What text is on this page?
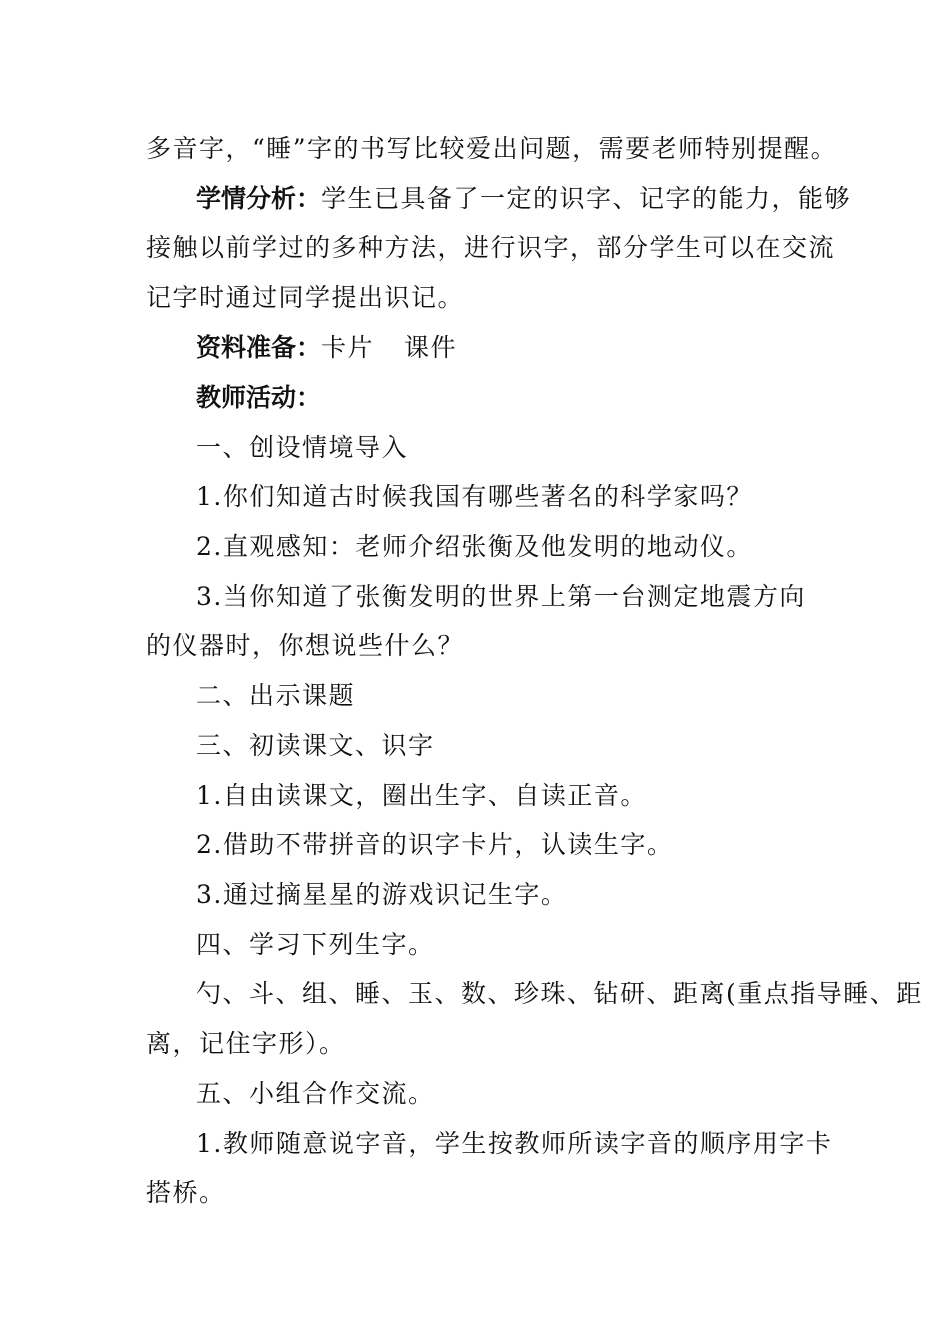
多音字，“睡”字的书写比较爱出问题，需要老师特别提醒。
学情分析：学生已具备了一定的识字、记字的能力，能够
接触以前学过的多种方法，进行识字，部分学生可以在交流
记字时通过同学提出识记。
资料准备：卡片 课件
教师活动：
一、创设情境导入
1.你们知道古时候我国有哪些著名的科学家吗？
2.直观感知：老师介绍张衡及他发明的地动仪。
3.当你知道了张衡发明的世界上第一台测定地震方向
的仪器时，你想说些什么？
二、出示课题
三、初读课文、识字
1.自由读课文，圈出生字、自读正音。
2.借助不带拼音的识字卡片，认读生字。
3.通过摘星星的游戏识记生字。
四、学习下列生字。
勺、斗、组、睡、玉、数、珍珠、钻研、距离(重点指导睡、距
离，记住字形）。
五、小组合作交流。
1.教师随意说字音，学生按教师所读字音的顺序用字卡
搭桥。
